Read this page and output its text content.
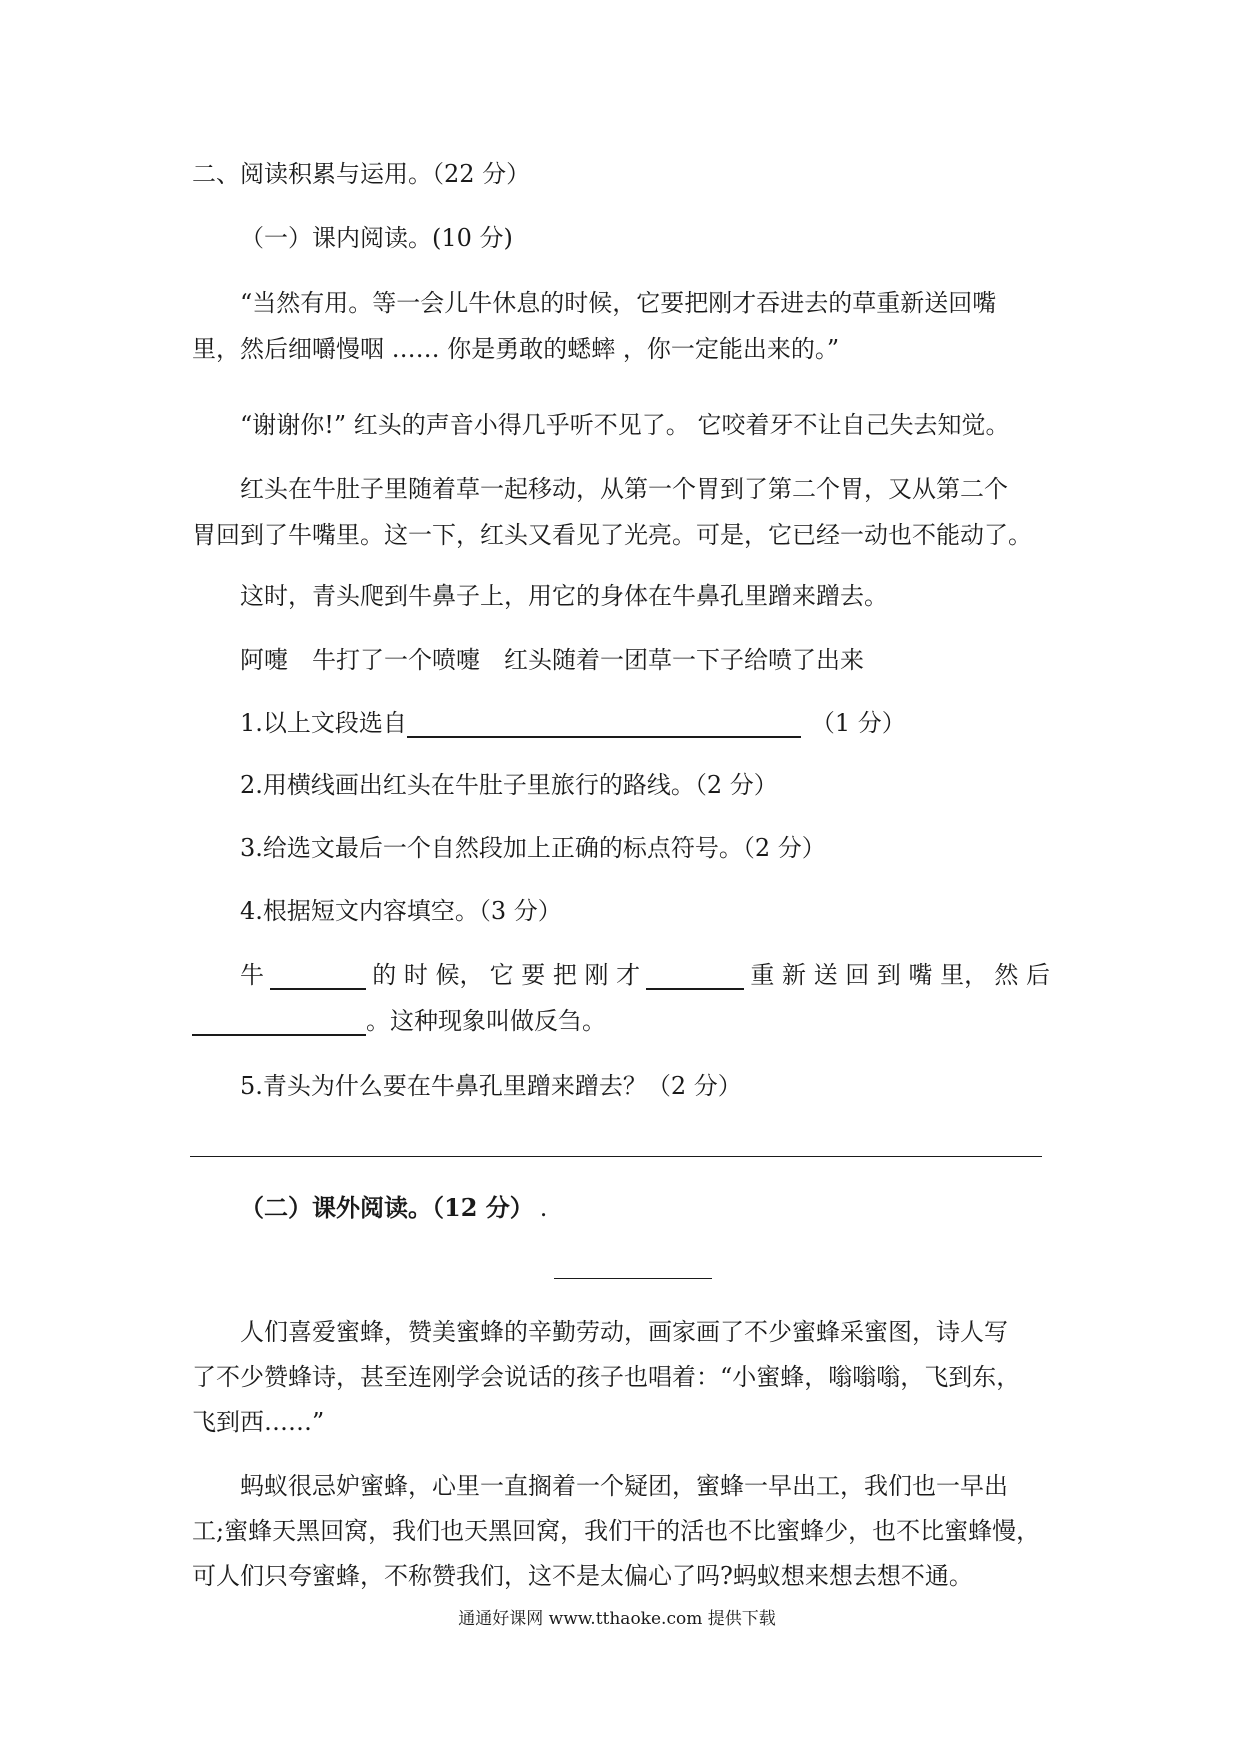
二、阅读积累与运用。（22 分）

（一）课内阅读。(10 分)

“当然有用。等一会儿牛休息的时候，它要把刚才吞进去的草重新送回嘴

里，然后细嚼慢咽 …… 你是勇敢的蟋蟀 ，你一定能出来的。”

“谢谢你!” 红头的声音小得几乎听不见了。 它咬着牙不让自己失去知觉。

红头在牛肚子里随着草一起移动，从第一个胃到了第二个胃，又从第二个

胃回到了牛嘴里。这一下，红头又看见了光亮。可是，它已经一动也不能动了。

这时，青头爬到牛鼻子上，用它的身体在牛鼻孔里蹭来蹭去。

阿嚏　牛打了一个喷嚏　红头随着一团草一下子给喷了出来

1.以上文段选自	（1 分）

2.用横线画出红头在牛肚子里旅行的路线。（2 分）

3.给选文最后一个自然段加上正确的标点符号。（2 分）

4.根据短文内容填空。（3 分）

牛	的 时 候， 它 要 把 刚 才	重 新 送 回 到 嘴 里， 然 后
。这种现象叫做反刍。

5.青头为什么要在牛鼻孔里蹭来蹭去？（2 分）

（二）课外阅读。（12 分） .

人们喜爱蜜蜂，赞美蜜蜂的辛勤劳动，画家画了不少蜜蜂采蜜图，诗人写

了不少赞蜂诗，甚至连刚学会说话的孩子也唱着：“小蜜蜂，嗡嗡嗡，飞到东，

飞到西……”

蚂蚁很忌妒蜜蜂，心里一直搁着一个疑团，蜜蜂一早出工，我们也一早出

工;蜜蜂天黑回窝，我们也天黑回窝，我们干的活也不比蜜蜂少，也不比蜜蜂慢，

可人们只夸蜜蜂，不称赞我们，这不是太偏心了吗?蚂蚁想来想去想不通。

通通好课网 www.tthaoke.com 提供下载
